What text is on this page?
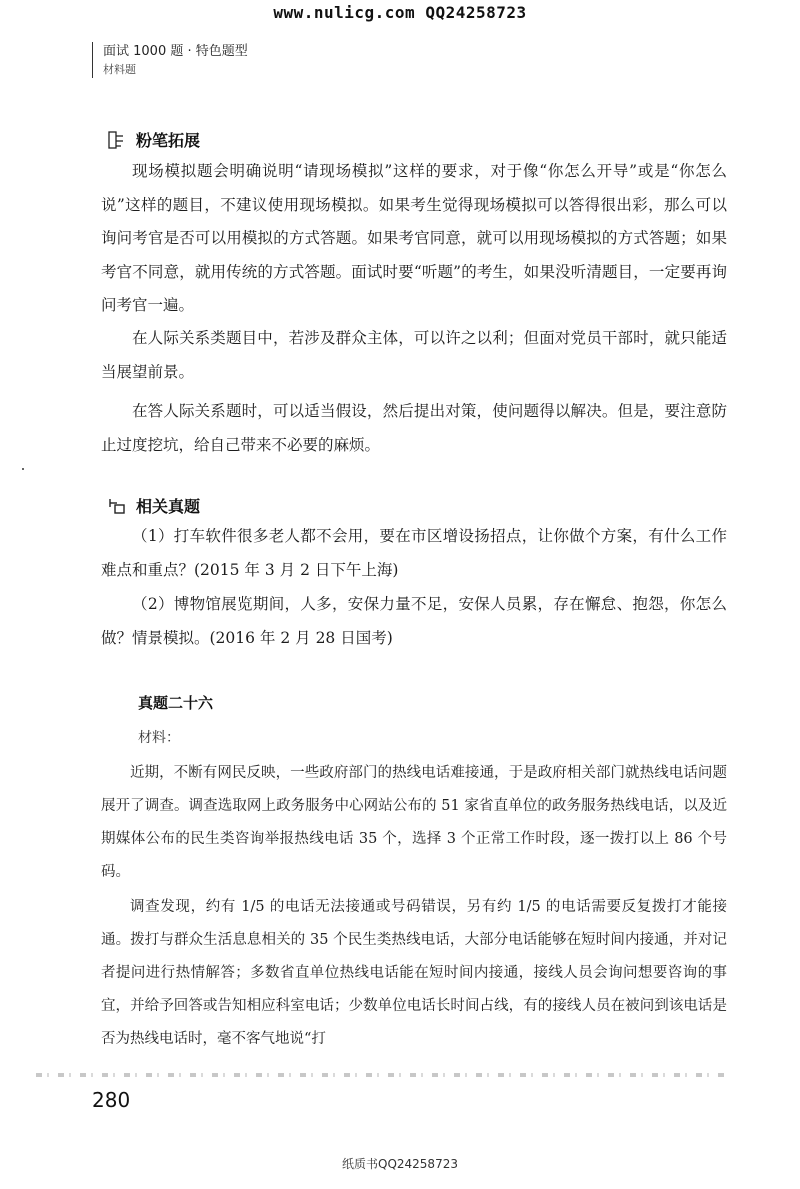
www.nulicg.com QQ24258723
面试 1000 题 · 特色题型
材料题
粉笔拓展
现场模拟题会明确说明“请现场模拟”这样的要求，对于像“你怎么开导”或是“你怎么说”这样的题目，不建议使用现场模拟。如果考生觉得现场模拟可以答得很出彩，那么可以询问考官是否可以用模拟的方式答题。如果考官同意，就可以用现场模拟的方式答题；如果考官不同意，就用传统的方式答题。面试时要“听题”的考生，如果没听清题目，一定要再询问考官一遍。
在人际关系类题目中，若涉及群众主体，可以许之以利；但面对党员干部时，就只能适当展望前景。
在答人际关系题时，可以适当假设，然后提出对策，使问题得以解决。但是，要注意防止过度挖坑，给自己带来不必要的麻烦。
相关真题
（1）打车软件很多老人都不会用，要在市区增设扬招点，让你做个方案，有什么工作难点和重点？(2015 年 3 月 2 日下午上海)
（2）博物馆展览期间，人多，安保力量不足，安保人员累，存在懈怠、抱怨，你怎么做？情景模拟。(2016 年 2 月 28 日国考)
真题二十六
材料：
近期，不断有网民反映，一些政府部门的热线电话难接通，于是政府相关部门就热线电话问题展开了调查。调查选取网上政务服务中心网站公布的 51 家省直单位的政务服务热线电话，以及近期媒体公布的民生类咨询举报热线电话 35 个，选择 3 个正常工作时段，逐一拨打以上 86 个号码。
调查发现，约有 1/5 的电话无法接通或号码错误，另有约 1/5 的电话需要反复拨打才能接通。拨打与群众生活息息相关的 35 个民生类热线电话，大部分电话能够在短时间内接通，并对记者提问进行热情解答；多数省直单位热线电话能在短时间内接通，接线人员会询问想要咨询的事宜，并给予回答或告知相应科室电话；少数单位电话长时间占线，有的接线人员在被问到该电话是否为热线电话时，毫不客气地说“打
280
纸质书QQ24258723
